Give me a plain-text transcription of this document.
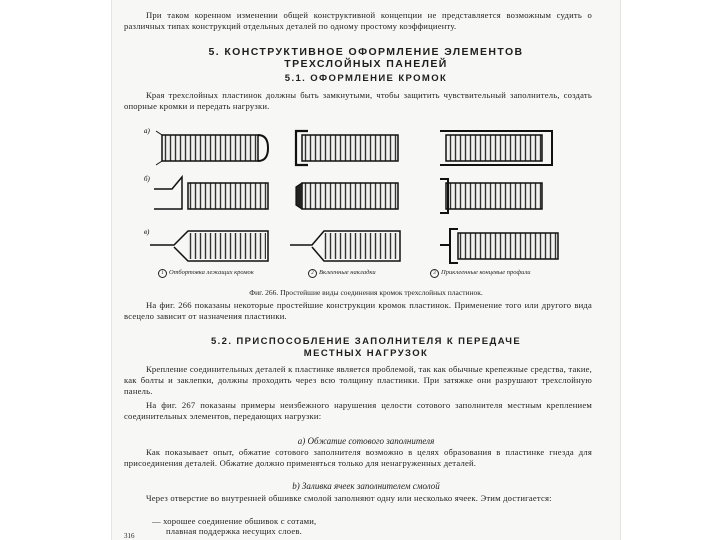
При таком коренном изменении общей конструктивной концепции не представляется возможным судить о различных типах конструкций отдельных деталей по одному простому коэффициенту.

5. КОНСТРУКТИВНОЕ ОФОРМЛЕНИЕ ЭЛЕМЕНТОВ

ТРЕХСЛОЙНЫХ ПАНЕЛЕЙ

5.1. ОФОРМЛЕНИЕ КРОМОК

Края трехслойных пластинок должны быть замкнутыми, чтобы защитить чувствительный заполнитель, создать опорные кромки и передать нагрузки.

a)
б)
в)
1 Отбортовка лежащих кромок	2 Вклеенные накладки	3 Приклеенные концевые профили

Фиг. 266. Простейшие виды соединения кромок трехслойных пластинок.

На фиг. 266 показаны некоторые простейшие конструкции кромок пластинок. Применение того или другого вида всецело зависит от назначения пластинки.

5.2. ПРИСПОСОБЛЕНИЕ ЗАПОЛНИТЕЛЯ К ПЕРЕДАЧЕ

МЕСТНЫХ НАГРУЗОК

Крепление соединительных деталей к пластинке является проблемой, так как обычные крепежные средства, такие, как болты и заклепки, должны проходить через всю толщину пластинки. При затяжке они разрушают трехслойную панель.

На фиг. 267 показаны примеры неизбежного нарушения целости сотового заполнителя местным креплением соединительных элементов, передающих нагрузки:

а) Обжатие сотового заполнителя

Как показывает опыт, обжатие сотового заполнителя возможно в целях образования в пластинке гнезда для присоединения деталей. Обжатие должно применяться только для ненагруженных деталей.

b) Заливка ячеек заполнителем смолой

Через отверстие во внутренней обшивке смолой заполняют одну или несколько ячеек. Этим достигается:

— хорошее соединение обшивок с сотами,

плавная поддержка несущих слоев.

316
